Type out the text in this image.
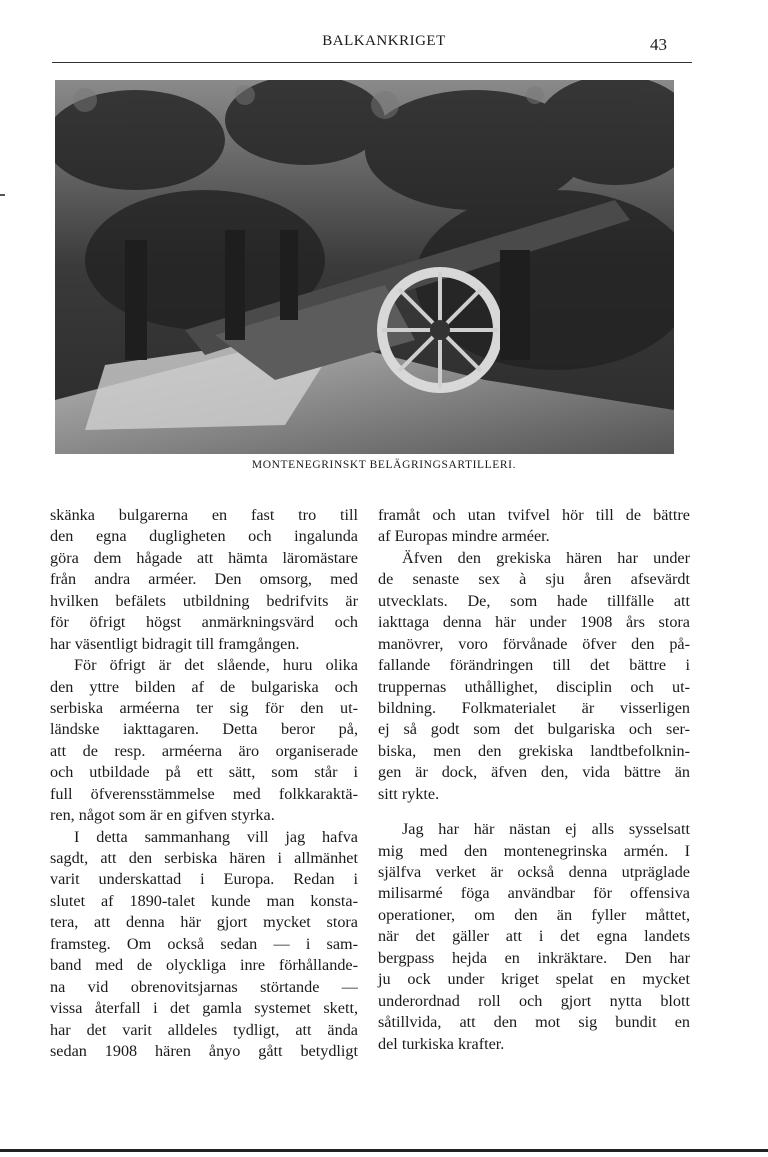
BALKANKRIGET	43
MONTENEGRINSKT BELÄGRINGSARTILLERI.
skänka bulgarerna en fast tro till
den egna dugligheten och ingalunda
göra dem hågade att hämta läromästare
från andra arméer. Den omsorg, med
hvilken befälets utbildning bedrifvits är
för öfrigt högst anmärkningsvärd och
har väsentligt bidragit till framgången.
För öfrigt är det slående, huru olika
den yttre bilden af de bulgariska och
serbiska arméerna ter sig för den ut-
ländske iakttagaren. Detta beror på,
att de resp. arméerna äro organiserade
och utbildade på ett sätt, som står i
full öfverensstämmelse med folkkaraktä-
ren, något som är en gifven styrka.
I detta sammanhang vill jag hafva
sagdt, att den serbiska hären i allmänhet
varit underskattad i Europa. Redan i
slutet af 1890-talet kunde man konsta-
tera, att denna här gjort mycket stora
framsteg. Om också sedan — i sam-
band med de olyckliga inre förhållande-
na vid obrenovitsjarnas störtande —
vissa återfall i det gamla systemet skett,
har det varit alldeles tydligt, att ända
sedan 1908 hären ånyo gått betydligt
framåt och utan tvifvel hör till de bättre
af Europas mindre arméer.
Äfven den grekiska hären har under
de senaste sex à sju åren afsevärdt
utvecklats. De, som hade tillfälle att
iakttaga denna här under 1908 års stora
manövrer, voro förvånade öfver den på-
fallande förändringen till det bättre i
truppernas uthållighet, disciplin och ut-
bildning. Folkmaterialet är visserligen
ej så godt som det bulgariska och ser-
biska, men den grekiska landtbefolknin-
gen är dock, äfven den, vida bättre än
sitt rykte.
Jag har här nästan ej alls sysselsatt
mig med den montenegrinska armén. I
själfva verket är också denna utpräglade
milisarmé föga användbar för offensiva
operationer, om den än fyller måttet,
när det gäller att i det egna landets
bergpass hejda en inkräktare. Den har
ju ock under kriget spelat en mycket
underordnad roll och gjort nytta blott
såtillvida, att den mot sig bundit en
del turkiska krafter.
